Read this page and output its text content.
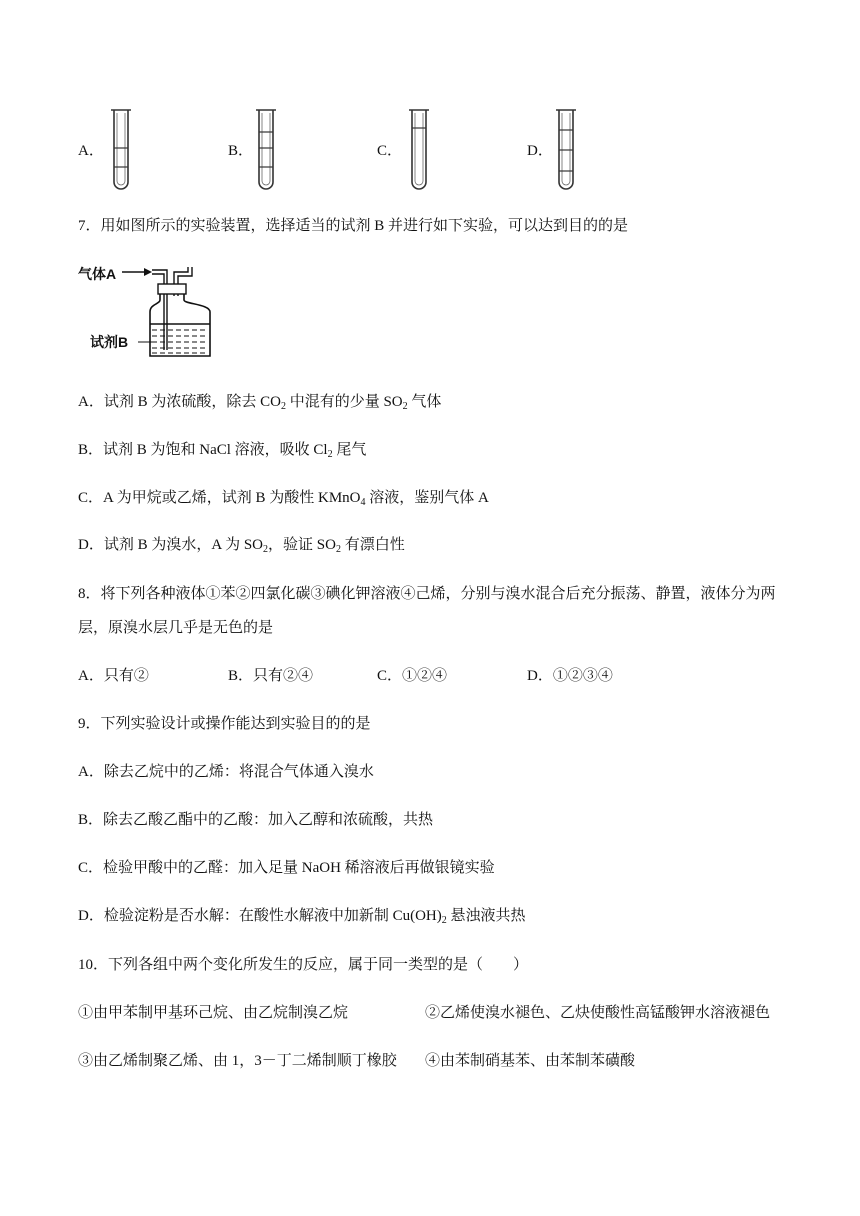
A．	B．	C．	D．
7．用如图所示的实验装置，选择适当的试剂 B 并进行如下实验，可以达到目的的是
气体A
试剂B
A．试剂 B 为浓硫酸，除去 $CO_2$ 中混有的少量 $SO_2$ 气体
B．试剂 B 为饱和 NaCl 溶液，吸收 $Cl_2$ 尾气
C．A 为甲烷或乙烯，试剂 B 为酸性 KMnO$_4$ 溶液，鉴别气体 A
D．试剂 B 为溴水，A 为 $SO_2$，验证 $SO_2$ 有漂白性
8．将下列各种液体①苯②四氯化碳③碘化钾溶液④己烯，分别与溴水混合后充分振荡、静置，液体分为两
层，原溴水层几乎是无色的是
A．只有②	B．只有②④	C．①②④	D．①②③④
9．下列实验设计或操作能达到实验目的的是
A．除去乙烷中的乙烯：将混合气体通入溴水
B．除去乙酸乙酯中的乙酸：加入乙醇和浓硫酸，共热
C．检验甲酸中的乙醛：加入足量 NaOH 稀溶液后再做银镜实验
D．检验淀粉是否水解：在酸性水解液中加新制 $Cu(OH)_2$ 悬浊液共热
10．下列各组中两个变化所发生的反应，属于同一类型的是（　　）
①由甲苯制甲基环己烷、由乙烷制溴乙烷	②乙烯使溴水褪色、乙炔使酸性高锰酸钾水溶液褪色
③由乙烯制聚乙烯、由 1，3－丁二烯制顺丁橡胶 ④由苯制硝基苯、由苯制苯磺酸
